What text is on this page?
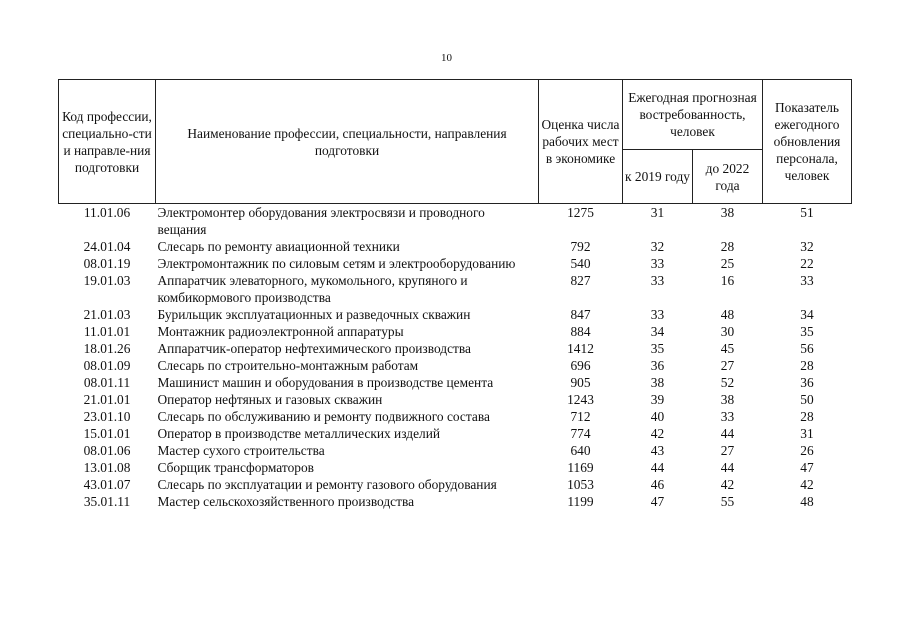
10
Код профессии, специально-сти и направле-ния подготовки	Наименование профессии, специальности, направления подготовки	Оценка числа рабочих мест в экономике	Ежегодная прогнозная востребованность, человек		Показатель ежегодного обновления персонала, человек
			к 2019 году	до 2022 года	
11.01.06	Электромонтер оборудования электросвязи и проводного вещания	1275	31	38	51
24.01.04	Слесарь по ремонту авиационной техники	792	32	28	32
08.01.19	Электромонтажник по силовым сетям и электрооборудованию	540	33	25	22
19.01.03	Аппаратчик элеваторного, мукомольного, крупяного и комбикормового производства	827	33	16	33
21.01.03	Бурильщик эксплуатационных и разведочных скважин	847	33	48	34
11.01.01	Монтажник радиоэлектронной аппаратуры	884	34	30	35
18.01.26	Аппаратчик-оператор нефтехимического производства	1412	35	45	56
08.01.09	Слесарь по строительно-монтажным работам	696	36	27	28
08.01.11	Машинист машин и оборудования в производстве цемента	905	38	52	36
21.01.01	Оператор нефтяных и газовых скважин	1243	39	38	50
23.01.10	Слесарь по обслуживанию и ремонту подвижного состава	712	40	33	28
15.01.01	Оператор в производстве металлических изделий	774	42	44	31
08.01.06	Мастер сухого строительства	640	43	27	26
13.01.08	Сборщик трансформаторов	1169	44	44	47
43.01.07	Слесарь по эксплуатации и ремонту газового оборудования	1053	46	42	42
35.01.11	Мастер сельскохозяйственного производства	1199	47	55	48
